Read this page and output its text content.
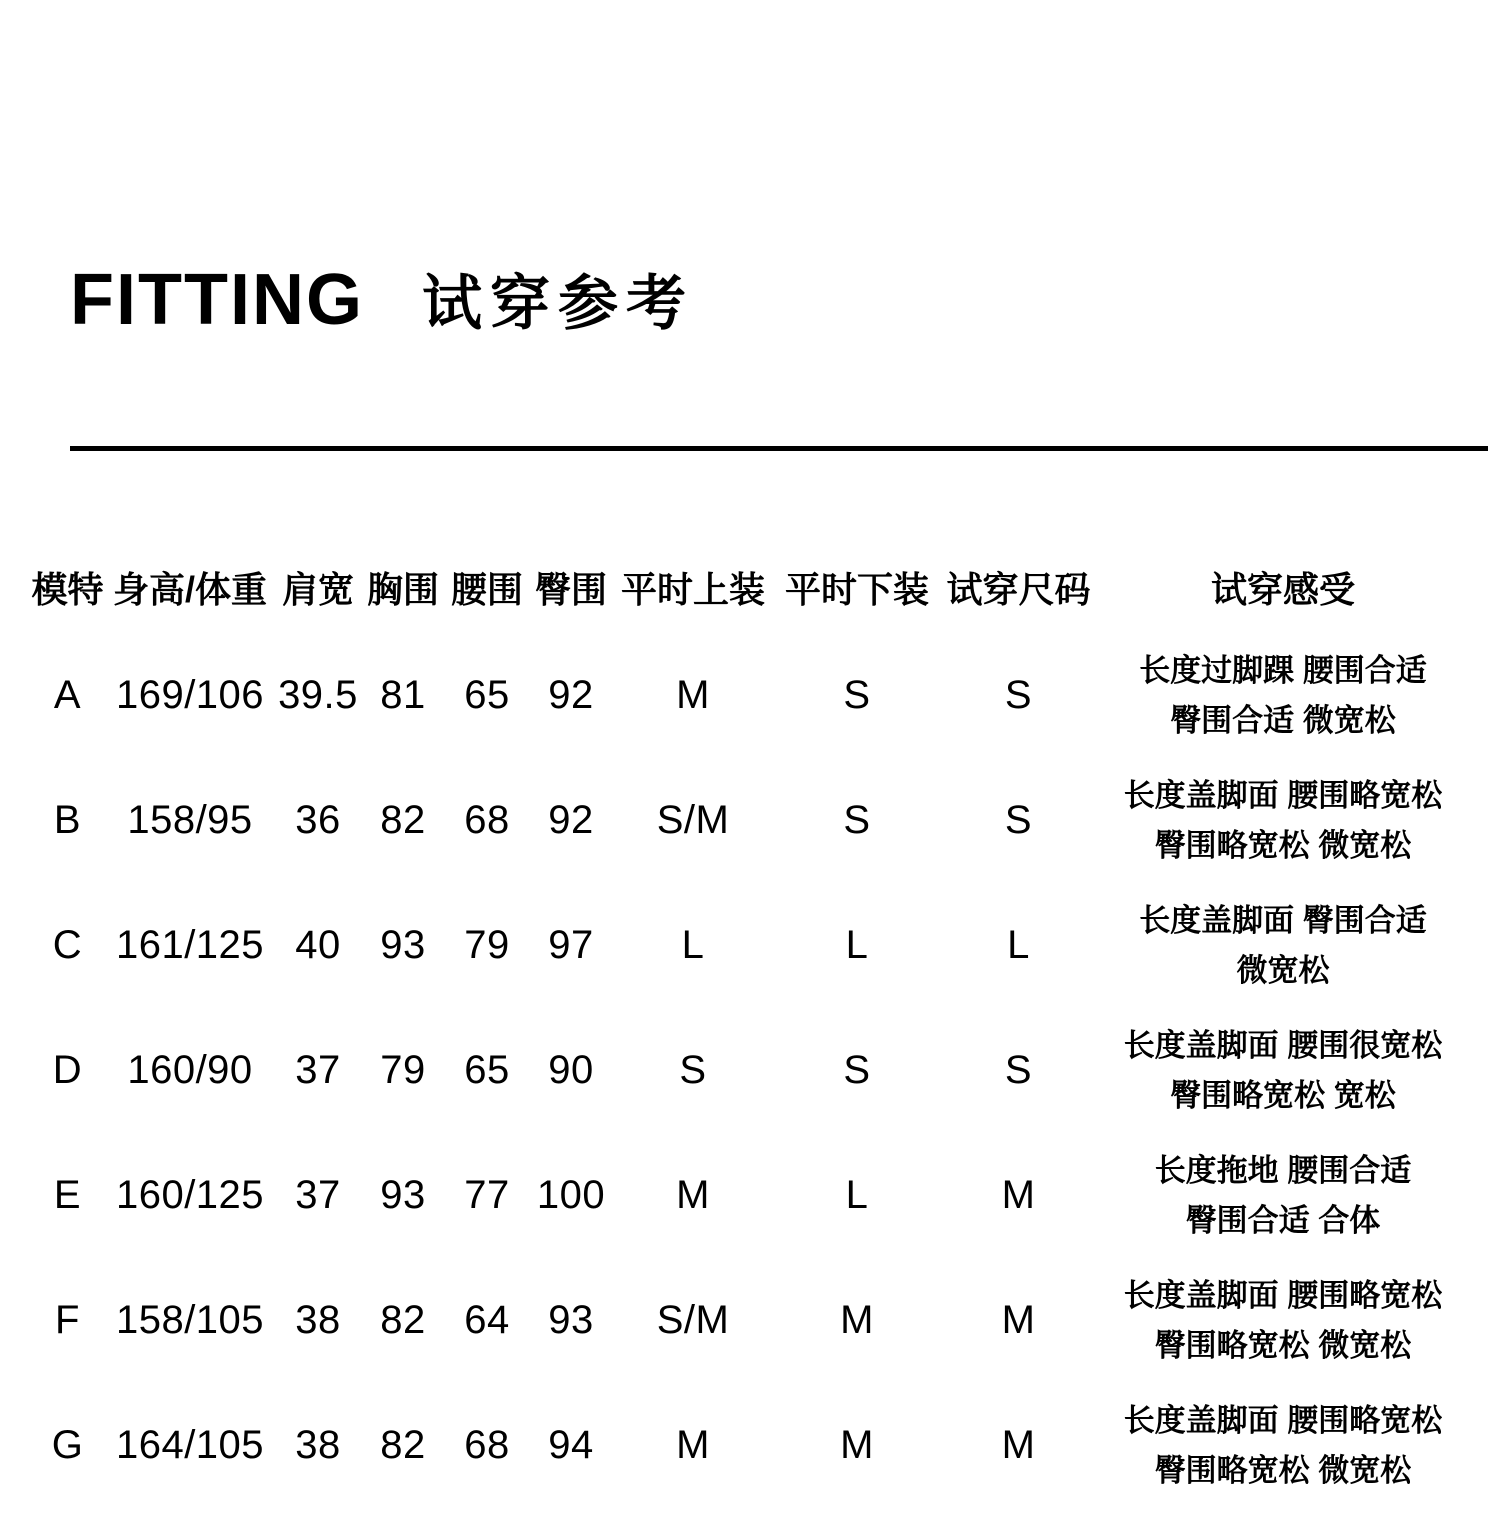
FITTING 试穿参考
模特 身高/体重 肩宽 胸围 腰围 臀围 平时上装 平时下装 试穿尺码	试穿感受
A 169/106 39.5 81 65 92	M	S	S
长度过脚踝 腰围合适
臀围合适 微宽松
B	158/95	36 82 68 92	S/M	S	S
长度盖脚面 腰围略宽松
臀围略宽松 微宽松
C 161/125 40 93 79 97	L	L	L
长度盖脚面 臀围合适
微宽松
D	160/90	37 79 65 90	S	S	S
长度盖脚面 腰围很宽松
臀围略宽松 宽松
E 160/125 37 93 77 100	M	L	M
长度拖地 腰围合适
臀围合适 合体
F 158/105 38 82 64 93	S/M	M	M
长度盖脚面 腰围略宽松
臀围略宽松 微宽松
G 164/105 38 82 68 94	M	M	M
长度盖脚面 腰围略宽松
臀围略宽松 微宽松
